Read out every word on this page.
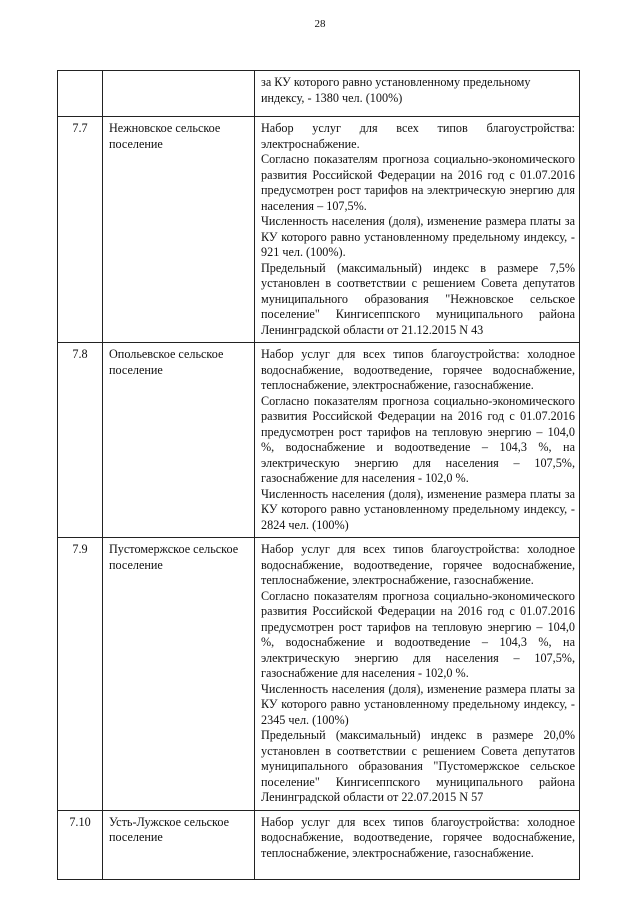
28

		за КУ которого равно установленному предельному
индексу, - 1380 чел. (100%)

7.7	Нежновское сельское поселение	Набор услуг для всех типов благоустройства: электроснабжение.
Согласно показателям прогноза социально-экономического развития Российской Федерации на 2016 год с 01.07.2016 предусмотрен рост тарифов на электрическую энергию для населения – 107,5%.
Численность населения (доля), изменение размера платы за КУ которого равно установленному предельному индексу, - 921 чел. (100%).
Предельный (максимальный) индекс в размере 7,5% установлен в соответствии с решением Совета депутатов муниципального образования "Нежновское сельское поселение" Кингисеппского муниципального района Ленинградской области от 21.12.2015 N 43

7.8	Опольевское сельское поселение	Набор услуг для всех типов благоустройства: холодное водоснабжение, водоотведение, горячее водоснабжение, теплоснабжение, электроснабжение, газоснабжение.
Согласно показателям прогноза социально-экономического развития Российской Федерации на 2016 год с 01.07.2016 предусмотрен рост тарифов на тепловую энергию – 104,0 %, водоснабжение и водоотведение – 104,3 %, на электрическую энергию для населения – 107,5%, газоснабжение для населения - 102,0 %.
Численность населения (доля), изменение размера платы за КУ которого равно установленному предельному индексу, - 2824 чел. (100%)

7.9	Пустомержское сельское поселение	Набор услуг для всех типов благоустройства: холодное водоснабжение, водоотведение, горячее водоснабжение, теплоснабжение, электроснабжение, газоснабжение.
Согласно показателям прогноза социально-экономического развития Российской Федерации на 2016 год с 01.07.2016 предусмотрен рост тарифов на тепловую энергию – 104,0 %, водоснабжение и водоотведение – 104,3 %, на электрическую энергию для населения – 107,5%, газоснабжение для населения - 102,0 %.
Численность населения (доля), изменение размера платы за КУ которого равно установленному предельному индексу, - 2345 чел. (100%)
Предельный (максимальный) индекс в размере 20,0% установлен в соответствии с решением Совета депутатов муниципального образования "Пустомержское сельское поселение" Кингисеппского муниципального района Ленинградской области от 22.07.2015 N 57

7.10	Усть-Лужское сельское поселение	Набор услуг для всех типов благоустройства: холодное водоснабжение, водоотведение, горячее водоснабжение, теплоснабжение, электроснабжение, газоснабжение.
